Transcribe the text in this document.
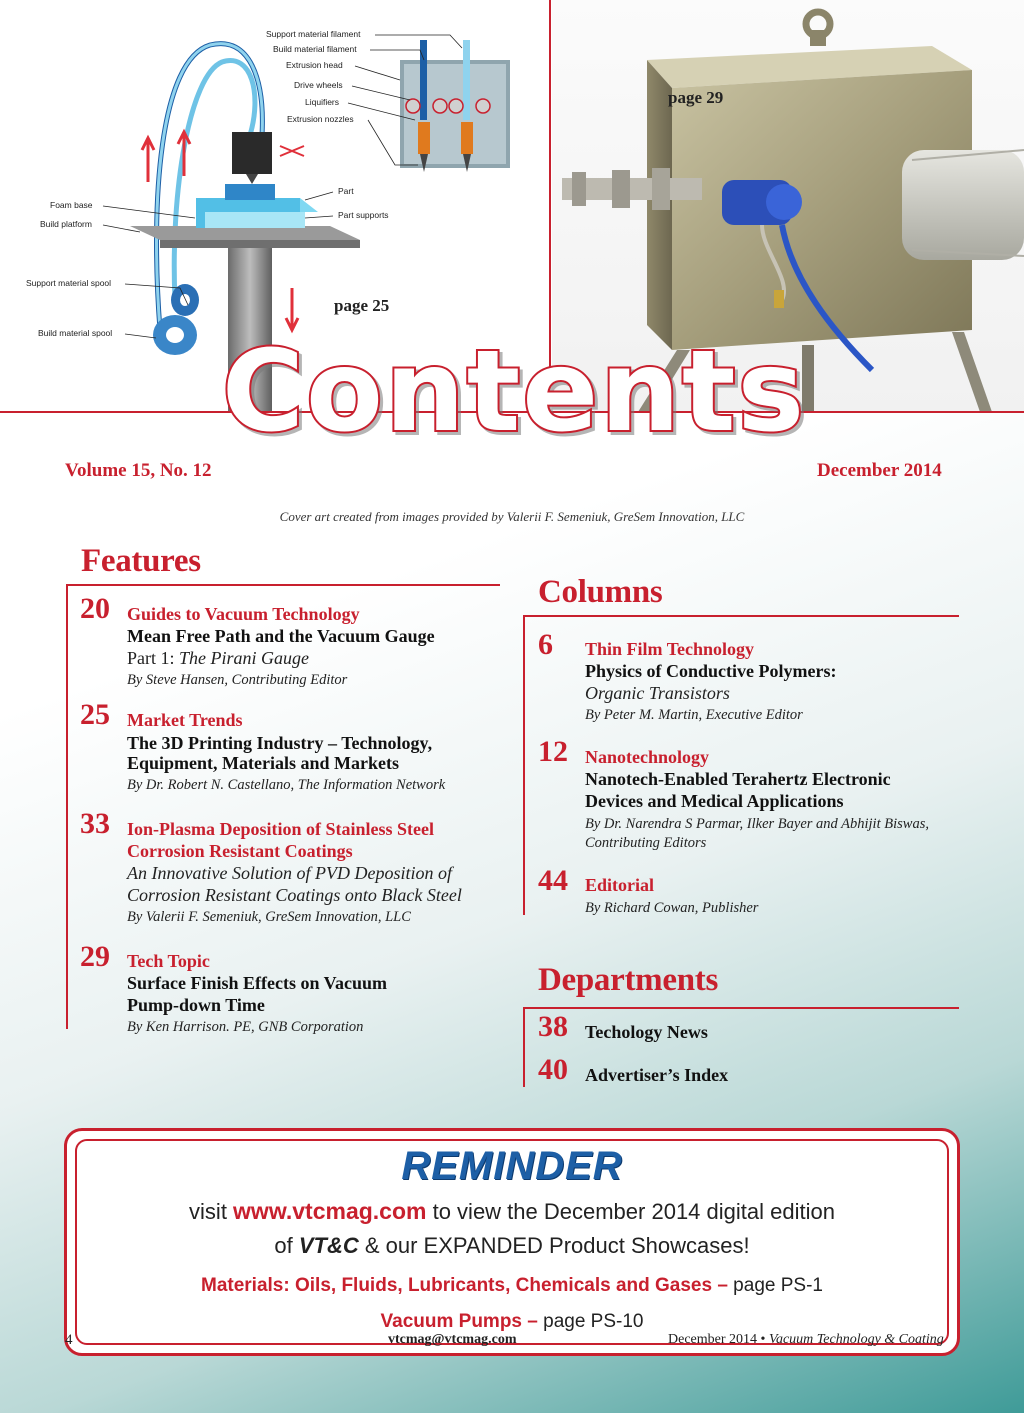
Support material filament
Build material filament
Extrusion head
Drive wheels
Liquifiers
Extrusion nozzles
Part
Part supports
Foam base
Build platform
Support material spool
Build material spool
page 25
page 29
Contents
Volume 15, No. 12	December 2014
Cover art created from images provided by Valerii F. Semeniuk, GreSem Innovation, LLC
Features
20 Guides to Vacuum Technology
Mean Free Path and the Vacuum Gauge
Part 1: The Pirani Gauge
By Steve Hansen, Contributing Editor
25 Market Trends
The 3D Printing Industry – Technology,
Equipment, Materials and Markets
By Dr. Robert N. Castellano, The Information Network
33 Ion-Plasma Deposition of Stainless Steel
Corrosion Resistant Coatings
An Innovative Solution of PVD Deposition of
Corrosion Resistant Coatings onto Black Steel
By Valerii F. Semeniuk, GreSem Innovation, LLC
29 Tech Topic
Surface Finish Effects on Vacuum
Pump-down Time
By Ken Harrison. PE, GNB Corporation
Columns
6 Thin Film Technology
Physics of Conductive Polymers:
Organic Transistors
By Peter M. Martin, Executive Editor
12 Nanotechnology
Nanotech-Enabled Terahertz Electronic
Devices and Medical Applications
By Dr. Narendra S Parmar, Ilker Bayer and Abhijit Biswas,
Contributing Editors
44 Editorial
By Richard Cowan, Publisher
Departments
38 Techology News
40 Advertiser’s Index
REMINDER
visit www.vtcmag.com to view the December 2014 digital edition
of VT&C & our EXPANDED Product Showcases!
Materials: Oils, Fluids, Lubricants, Chemicals and Gases – page PS-1
Vacuum Pumps – page PS-10
4	vtcmag@vtcmag.com	December 2014 • Vacuum Technology & Coating
